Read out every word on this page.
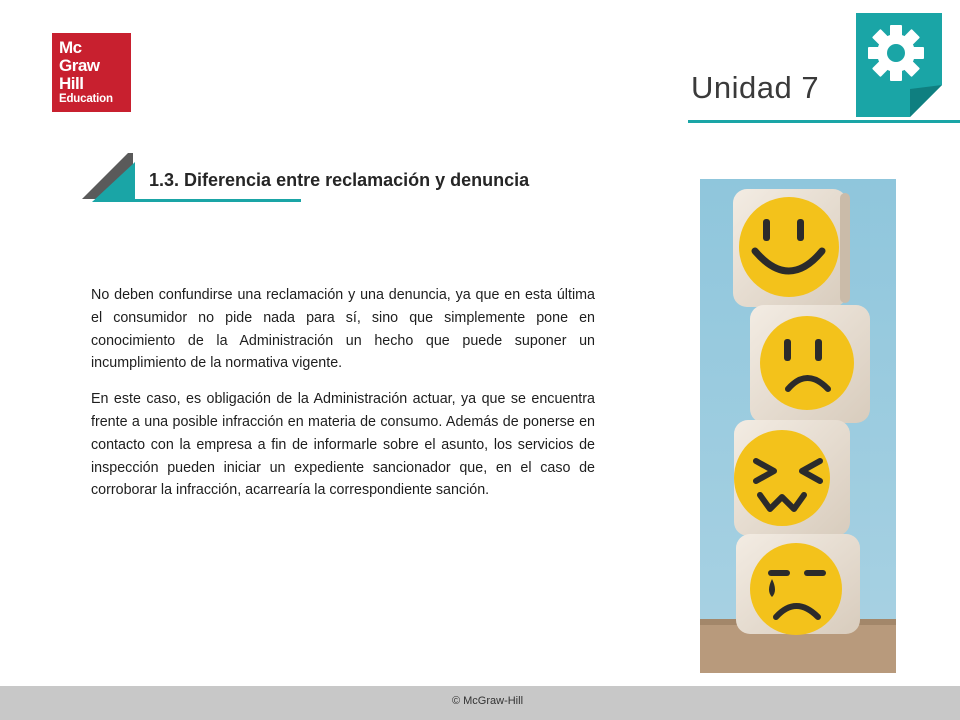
Mc
Graw
Hill
Education	Unidad 7
1.3. Diferencia entre reclamación y denuncia

No deben confundirse una reclamación y una denuncia, ya que en esta última el consumidor no pide nada para sí, sino que simplemente pone en conocimiento de la Administración un hecho que puede suponer un incumplimiento de la normativa vigente.

En este caso, es obligación de la Administración actuar, ya que se encuentra frente a una posible infracción en materia de consumo. Además de ponerse en contacto con la empresa a fin de informarle sobre el asunto, los servicios de inspección pueden iniciar un expediente sancionador que, en el caso de corroborar la infracción, acarrearía la correspondiente sanción.

© McGraw-Hill
